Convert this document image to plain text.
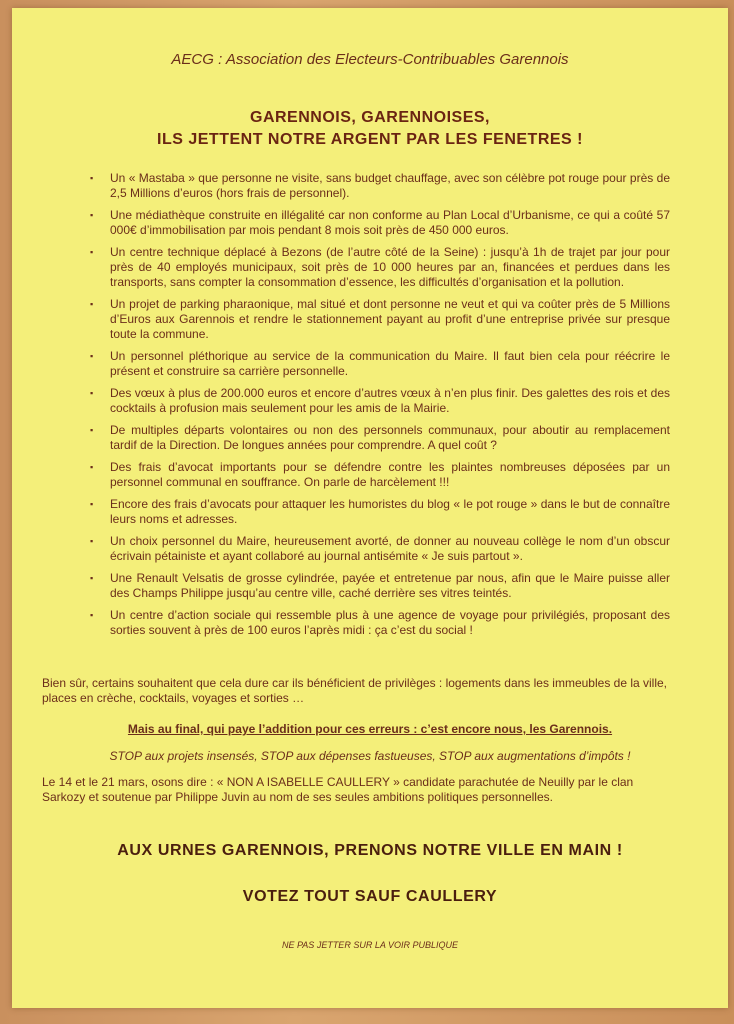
AECG : Association des Electeurs-Contribuables Garennois
GARENNOIS, GARENNOISES,
ILS JETTENT NOTRE ARGENT PAR LES FENETRES !
▪ Un « Mastaba » que personne ne visite, sans budget chauffage, avec son célèbre pot rouge pour près de 2,5 Millions d’euros (hors frais de personnel).
▪ Une médiathèque construite en illégalité car non conforme au Plan Local d’Urbanisme, ce qui a coûté 57 000€ d’immobilisation par mois pendant 8 mois soit près de 450 000 euros.
▪ Un centre technique déplacé à Bezons (de l’autre côté de la Seine) : jusqu’à 1h de trajet par jour pour près de 40 employés municipaux, soit près de 10 000 heures par an, financées et perdues dans les transports, sans compter la consommation d’essence, les difficultés d’organisation et la pollution.
▪ Un projet de parking pharaonique, mal situé et dont personne ne veut et qui va coûter près de 5 Millions d’Euros aux Garennois et rendre le stationnement payant au profit d’une entreprise privée sur presque toute la commune.
▪ Un personnel pléthorique au service de la communication du Maire. Il faut bien cela pour réécrire le présent et construire sa carrière personnelle.
▪ Des vœux à plus de 200.000 euros et encore d’autres vœux à n’en plus finir. Des galettes des rois et des cocktails à profusion mais seulement pour les amis de la Mairie.
▪ De multiples départs volontaires ou non des personnels communaux, pour aboutir au remplacement tardif de la Direction. De longues années pour comprendre. A quel coût ?
▪ Des frais d’avocat importants pour se défendre contre les plaintes nombreuses déposées par un personnel communal en souffrance. On parle de harcèlement !!!
▪ Encore des frais d’avocats pour attaquer les humoristes du blog « le pot rouge » dans le but de connaître leurs noms et adresses.
▪ Un choix personnel du Maire, heureusement avorté, de donner au nouveau collège le nom d’un obscur écrivain pétainiste et ayant collaboré au journal antisémite « Je suis partout ».
▪ Une Renault Velsatis de grosse cylindrée, payée et entretenue par nous, afin que le Maire puisse aller des Champs Philippe jusqu’au centre ville, caché derrière ses vitres teintés.
▪ Un centre d’action sociale qui ressemble plus à une agence de voyage pour privilégiés, proposant des sorties souvent à près de 100 euros l’après midi : ça c’est du social !
Bien sûr, certains souhaitent que cela dure car ils bénéficient de privilèges : logements dans les immeubles de la ville, places en crèche, cocktails, voyages et sorties …
Mais au final, qui paye l’addition pour ces erreurs : c’est encore nous, les Garennois.
STOP aux projets insensés, STOP aux dépenses fastueuses, STOP aux augmentations d’impôts !
Le 14 et le 21 mars, osons dire : « NON A ISABELLE CAULLERY » candidate parachutée de Neuilly par le clan Sarkozy et soutenue par Philippe Juvin au nom de ses seules ambitions politiques personnelles.
AUX URNES GARENNOIS, PRENONS NOTRE VILLE EN MAIN !
VOTEZ TOUT SAUF CAULLERY
NE PAS JETTER SUR LA VOIR PUBLIQUE
